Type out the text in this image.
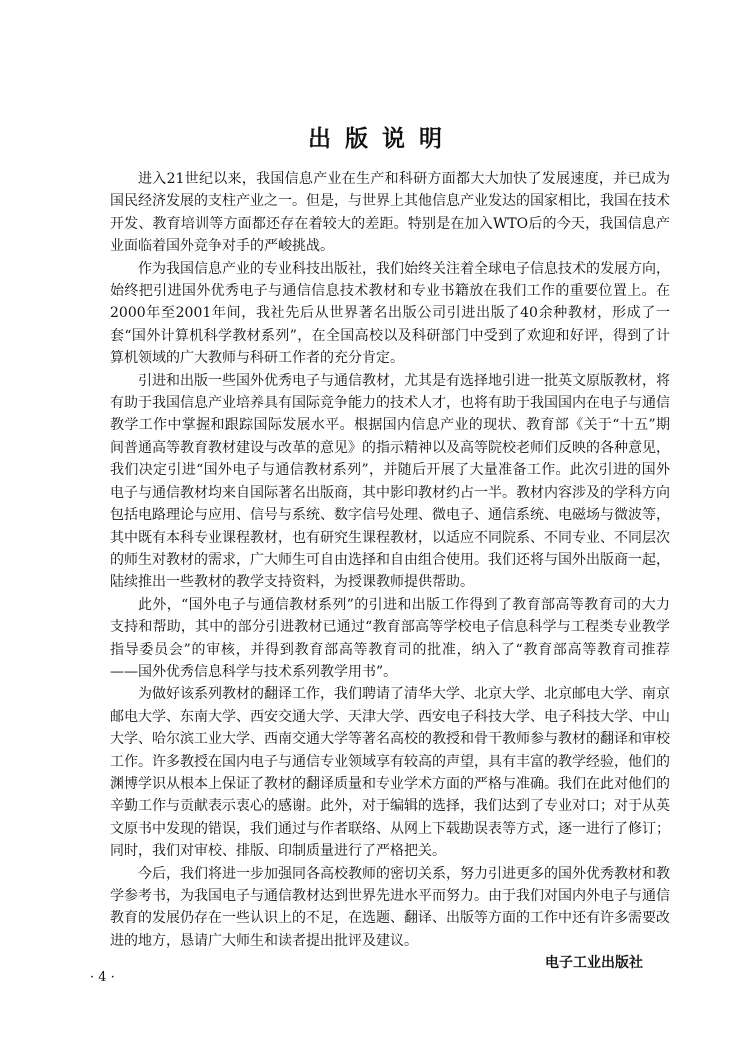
出版说明

进入21世纪以来，我国信息产业在生产和科研方面都大大加快了发展速度，并已成为国民经济发展的支柱产业之一。但是，与世界上其他信息产业发达的国家相比，我国在技术开发、教育培训等方面都还存在着较大的差距。特别是在加入WTO后的今天，我国信息产业面临着国外竞争对手的严峻挑战。

作为我国信息产业的专业科技出版社，我们始终关注着全球电子信息技术的发展方向，始终把引进国外优秀电子与通信信息技术教材和专业书籍放在我们工作的重要位置上。在2000年至2001年间，我社先后从世界著名出版公司引进出版了40余种教材，形成了一套“国外计算机科学教材系列”，在全国高校以及科研部门中受到了欢迎和好评，得到了计算机领域的广大教师与科研工作者的充分肯定。

引进和出版一些国外优秀电子与通信教材，尤其是有选择地引进一批英文原版教材，将有助于我国信息产业培养具有国际竞争能力的技术人才，也将有助于我国国内在电子与通信教学工作中掌握和跟踪国际发展水平。根据国内信息产业的现状、教育部《关于“十五”期间普通高等教育教材建设与改革的意见》的指示精神以及高等院校老师们反映的各种意见，我们决定引进“国外电子与通信教材系列”，并随后开展了大量准备工作。此次引进的国外电子与通信教材均来自国际著名出版商，其中影印教材约占一半。教材内容涉及的学科方向包括电路理论与应用、信号与系统、数字信号处理、微电子、通信系统、电磁场与微波等，其中既有本科专业课程教材，也有研究生课程教材，以适应不同院系、不同专业、不同层次的师生对教材的需求，广大师生可自由选择和自由组合使用。我们还将与国外出版商一起，陆续推出一些教材的教学支持资料，为授课教师提供帮助。

此外，“国外电子与通信教材系列”的引进和出版工作得到了教育部高等教育司的大力支持和帮助，其中的部分引进教材已通过“教育部高等学校电子信息科学与工程类专业教学指导委员会”的审核，并得到教育部高等教育司的批准，纳入了“教育部高等教育司推荐——国外优秀信息科学与技术系列教学用书”。

为做好该系列教材的翻译工作，我们聘请了清华大学、北京大学、北京邮电大学、南京邮电大学、东南大学、西安交通大学、天津大学、西安电子科技大学、电子科技大学、中山大学、哈尔滨工业大学、西南交通大学等著名高校的教授和骨干教师参与教材的翻译和审校工作。许多教授在国内电子与通信专业领域享有较高的声望，具有丰富的教学经验，他们的渊博学识从根本上保证了教材的翻译质量和专业学术方面的严格与准确。我们在此对他们的辛勤工作与贡献表示衷心的感谢。此外，对于编辑的选择，我们达到了专业对口；对于从英文原书中发现的错误，我们通过与作者联络、从网上下载勘误表等方式，逐一进行了修订；同时，我们对审校、排版、印制质量进行了严格把关。

今后，我们将进一步加强同各高校教师的密切关系，努力引进更多的国外优秀教材和教学参考书，为我国电子与通信教材达到世界先进水平而努力。由于我们对国内外电子与通信教育的发展仍存在一些认识上的不足，在选题、翻译、出版等方面的工作中还有许多需要改进的地方，恳请广大师生和读者提出批评及建议。

电子工业出版社
· 4 ·
